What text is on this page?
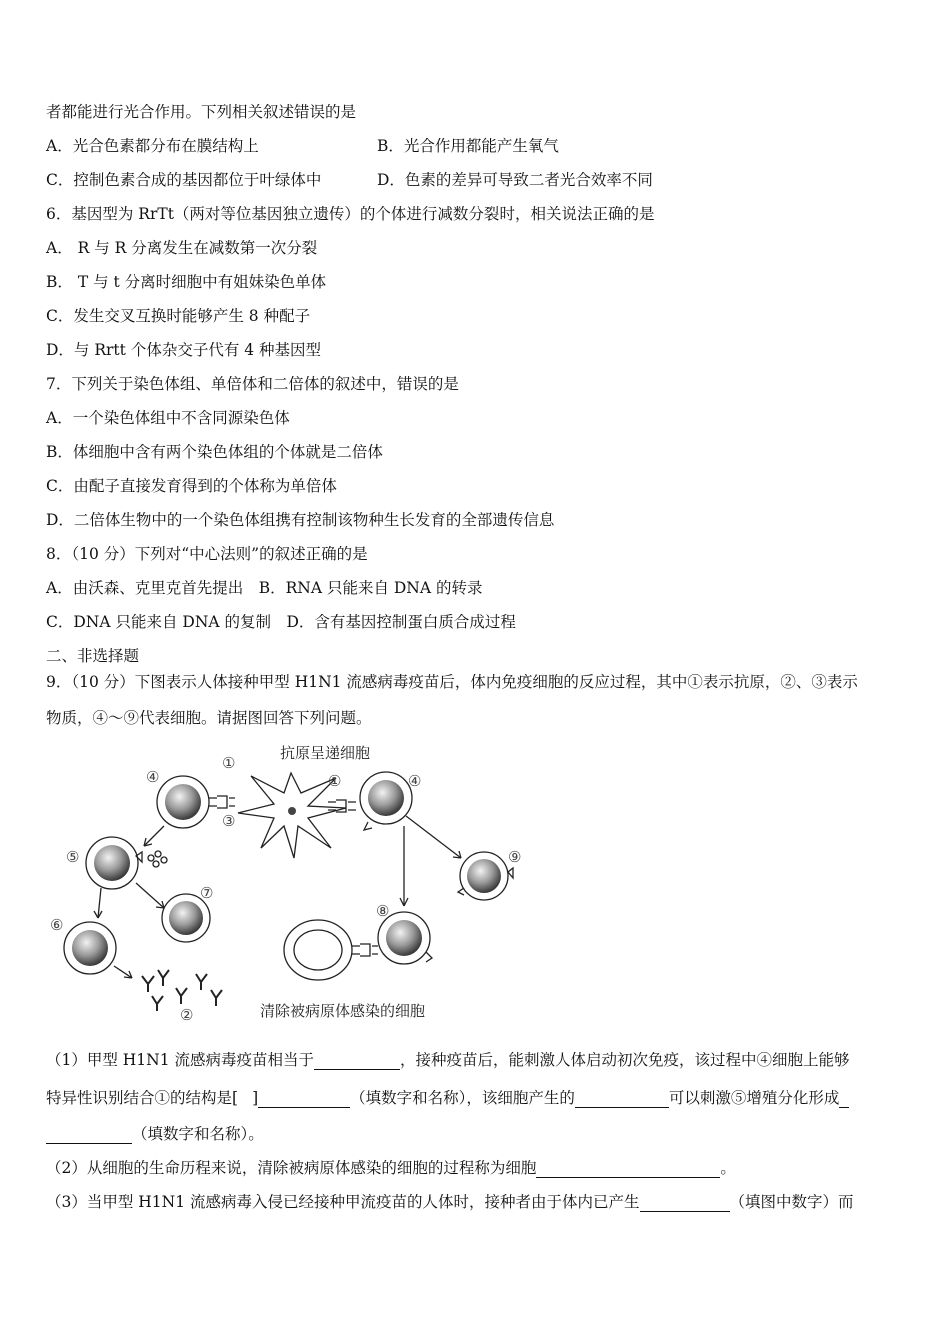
者都能进行光合作用。下列相关叙述错误的是
A．光合色素都分布在膜结构上	B．光合作用都能产生氧气
C．控制色素合成的基因都位于叶绿体中	D．色素的差异可导致二者光合效率不同
6．基因型为 RrTt（两对等位基因独立遗传）的个体进行减数分裂时，相关说法正确的是
A． R 与 R 分离发生在减数第一次分裂
B． T 与 t 分离时细胞中有姐妹染色单体
C．发生交叉互换时能够产生 8 种配子
D．与 Rrtt 个体杂交子代有 4 种基因型
7．下列关于染色体组、单倍体和二倍体的叙述中，错误的是
A．一个染色体组中不含同源染色体
B．体细胞中含有两个染色体组的个体就是二倍体
C．由配子直接发育得到的个体称为单倍体
D．二倍体生物中的一个染色体组携有控制该物种生长发育的全部遗传信息
8．（10 分）下列对“中心法则”的叙述正确的是
A．由沃森、克里克首先提出　B．RNA 只能来自 DNA 的转录
C．DNA 只能来自 DNA 的复制　D．含有基因控制蛋白质合成过程
二、非选择题
9．（10 分）下图表示人体接种甲型 H1N1 流感病毒疫苗后，体内免疫细胞的反应过程，其中①表示抗原，②、③表示
物质，④～⑨代表细胞。请据图回答下列问题。
抗原呈递细胞
清除被病原体感染的细胞
④
①
③
①	④
⑤
⑦
⑨
⑥
⑧
②
（1）甲型 H1N1 流感病毒疫苗相当于	，接种疫苗后，能刺激人体启动初次免疫，该过程中④细胞上能够
特异性识别结合①的结构是[ ]	（填数字和名称），该细胞产生的	可以刺激⑤增殖分化形成
（填数字和名称）。
（2）从细胞的生命历程来说，清除被病原体感染的细胞的过程称为细胞	。
（3）当甲型 H1N1 流感病毒入侵已经接种甲流疫苗的人体时，接种者由于体内已产生	（填图中数字）而
